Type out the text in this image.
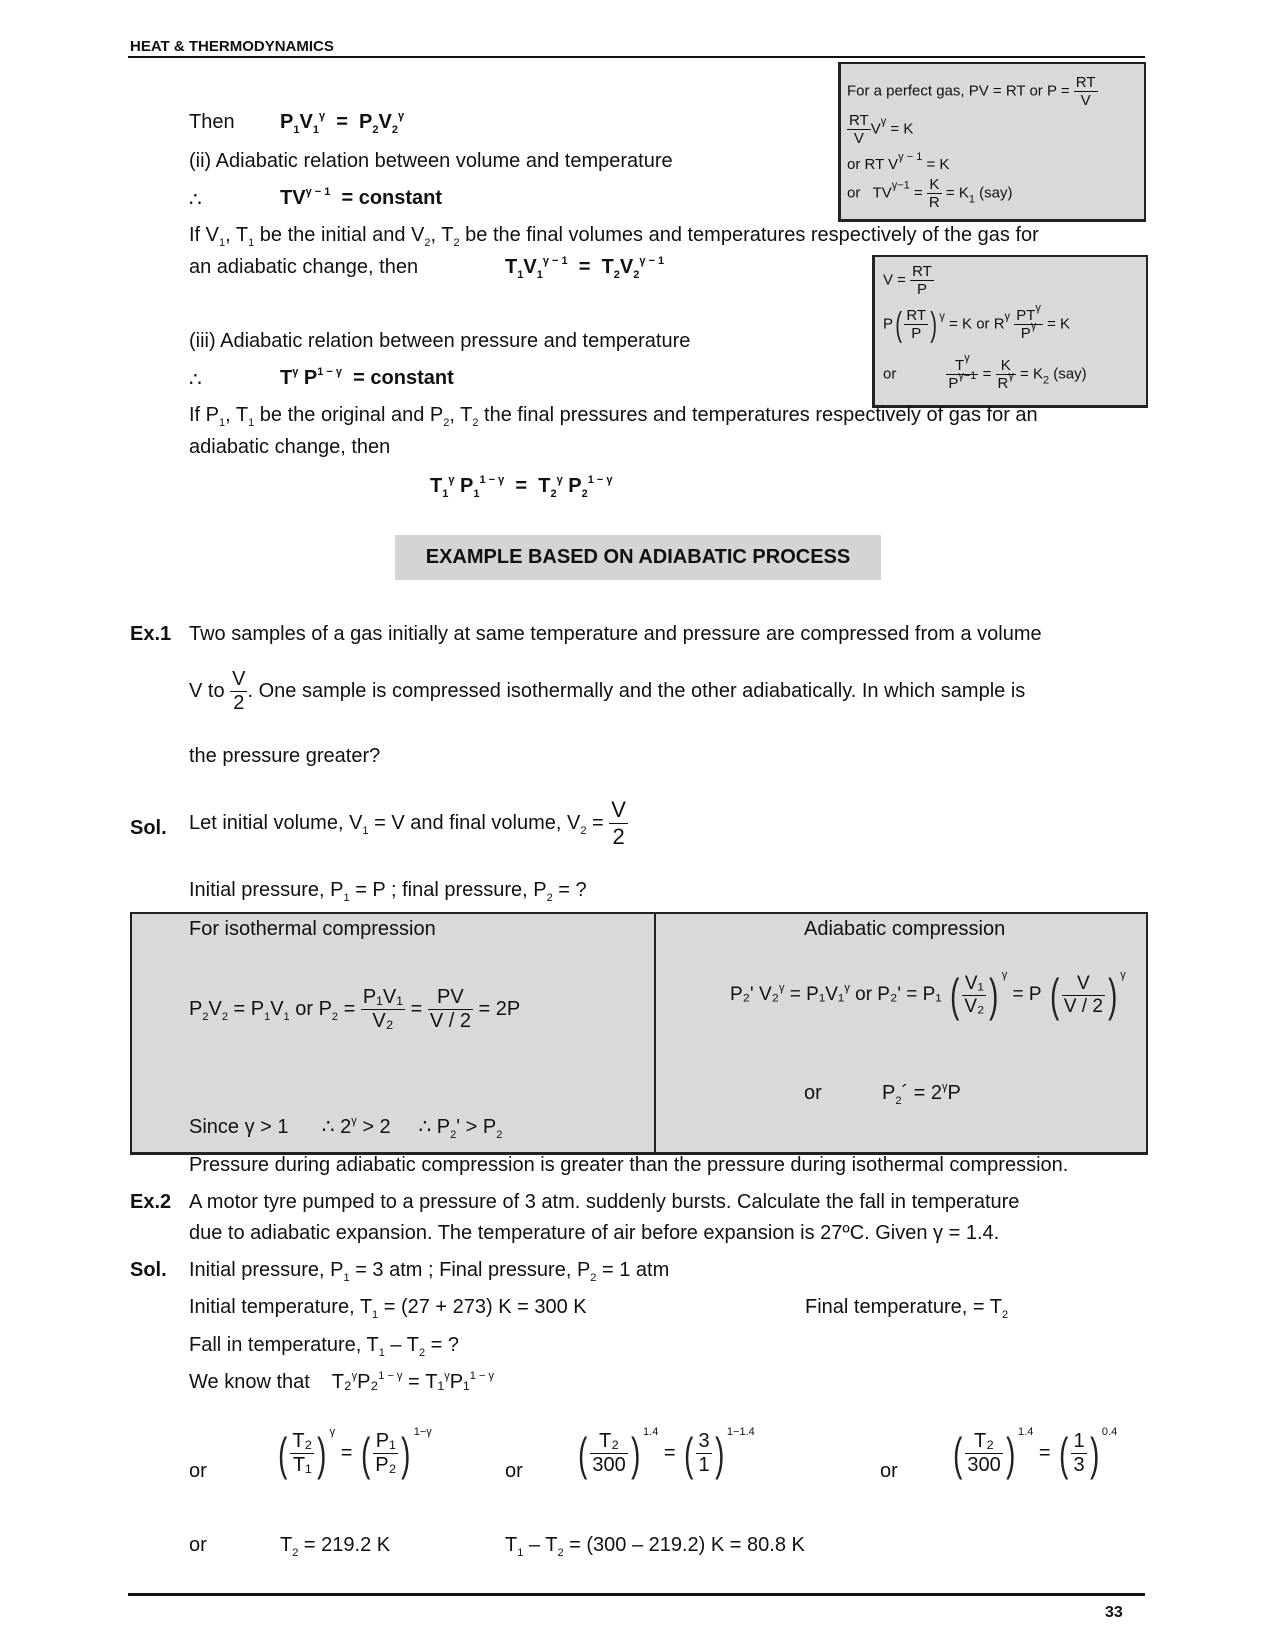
HEAT & THERMODYNAMICS
For a perfect gas, PV = RT or $P = \frac{RT}{V}$
$\frac{RT}{V} V^\gamma = K$
or RT $V^{\gamma - 1} = K$
or $TV^{\gamma-1} = \frac{K}{R} = K_1$ (say)
$V = \frac{RT}{P}$
$P( \frac{RT}{P}$ ) $^\gamma$ = K or $R^\gamma \frac{PT^\gamma}{P^\gamma} = K$
or	$\frac{T^\gamma}{P^{\gamma-1}} = \frac{K}{R^\gamma} = K_2$ (say)
Then $P_1V_1^\gamma = P_2V_2^\gamma$
(ii) Adiabatic relation between volume and temperature
∴	$TV^{\gamma - 1}$ = constant
If $V_1$, $T_1$ be the initial and $V_2$, $T_2$ be the final volumes and temperatures respectively of the gas for
an adiabatic change, then	$T_1V_1^{\gamma - 1} = T_2V_2^{\gamma - 1}$
(iii) Adiabatic relation between pressure and temperature
∴	$T^\gamma$ $P^{1 - \gamma}$ = constant
If $P_1$, $T_1$ be the original and $P_2$, $T_2$ the final pressures and temperatures respectively of gas for an
adiabatic change, then
$T_1^\gamma$ $P_1^{1 - \gamma} = T_2^\gamma$ $P_2^{1 - \gamma}$
EXAMPLE BASED ON ADIABATIC PROCESS
Ex.1 Two samples of a gas initially at same temperature and pressure are compressed from a volume
V to $\frac{V}{2}$ . One sample is compressed isothermally and the other adiabatically. In which sample is
the pressure greater?
Sol. Let initial volume, $V_1 = V$ and final volume, $V_2 = \frac{V}{2}$
Initial pressure, $P_1 = P$ ; final pressure, $P_2$ = ?
For isothermal compression
$P_2V_2 = P_1V_1$ or $P_2 = \frac{\text{P₁V₁}}{\text{V₂}} = \frac{PV}{V / 2} = 2P$
Since γ > 1 ∴ $2^\gamma > 2$ ∴ $P_2' > P_2$
Adiabatic compression
P₂' V₂$^\gamma$ = P₁V₁$^\gamma$ or P₂' = P₁ ( $\frac{\text{V₁}}{\text{V₂}}$ ) $^\gamma$ = P ( $\frac{V}{V / 2}$ ) $^\gamma$
or	$P_2´ = 2^\gamma P$
Pressure during adiabatic compression is greater than the pressure during isothermal compression.
Ex.2 A motor tyre pumped to a pressure of 3 atm. suddenly bursts. Calculate the fall in temperature
due to adiabatic expansion. The temperature of air before expansion is 27ºC. Given γ = 1.4.
Sol. Initial pressure, $P_1 = 3$ atm ; Final pressure, $P_2 = 1$ atm
Initial temperature, $T_1 = (27 + 273) K = 300$ K	Final temperature, = $T_2$
Fall in temperature, $T_1 - T_2$ = ?
We know that T₂$^\gamma$P₂$^{1 - \gamma}$ = T₁$^\gamma$P₁$^{1 - \gamma}$
or ( $\frac{\text{T₂}}{\text{T₁}}$ ) $^\gamma$ = ( $\frac{\text{P₁}}{\text{P₂}}$ ) $^{1-\gamma}$
or ( $\frac{\text{T₂}}{300}$ ) $^{1.4}$ = ( $\frac{3}{1}$ ) $^{1-1.4}$
or ( $\frac{\text{T₂}}{300}$ ) $^{1.4}$ = ( $\frac{1}{3}$ ) $^{0.4}$
or	$T_2 = 219.2$ K	$T_1 - T_2 = (300 - 219.2) K = 80.8$ K
33
